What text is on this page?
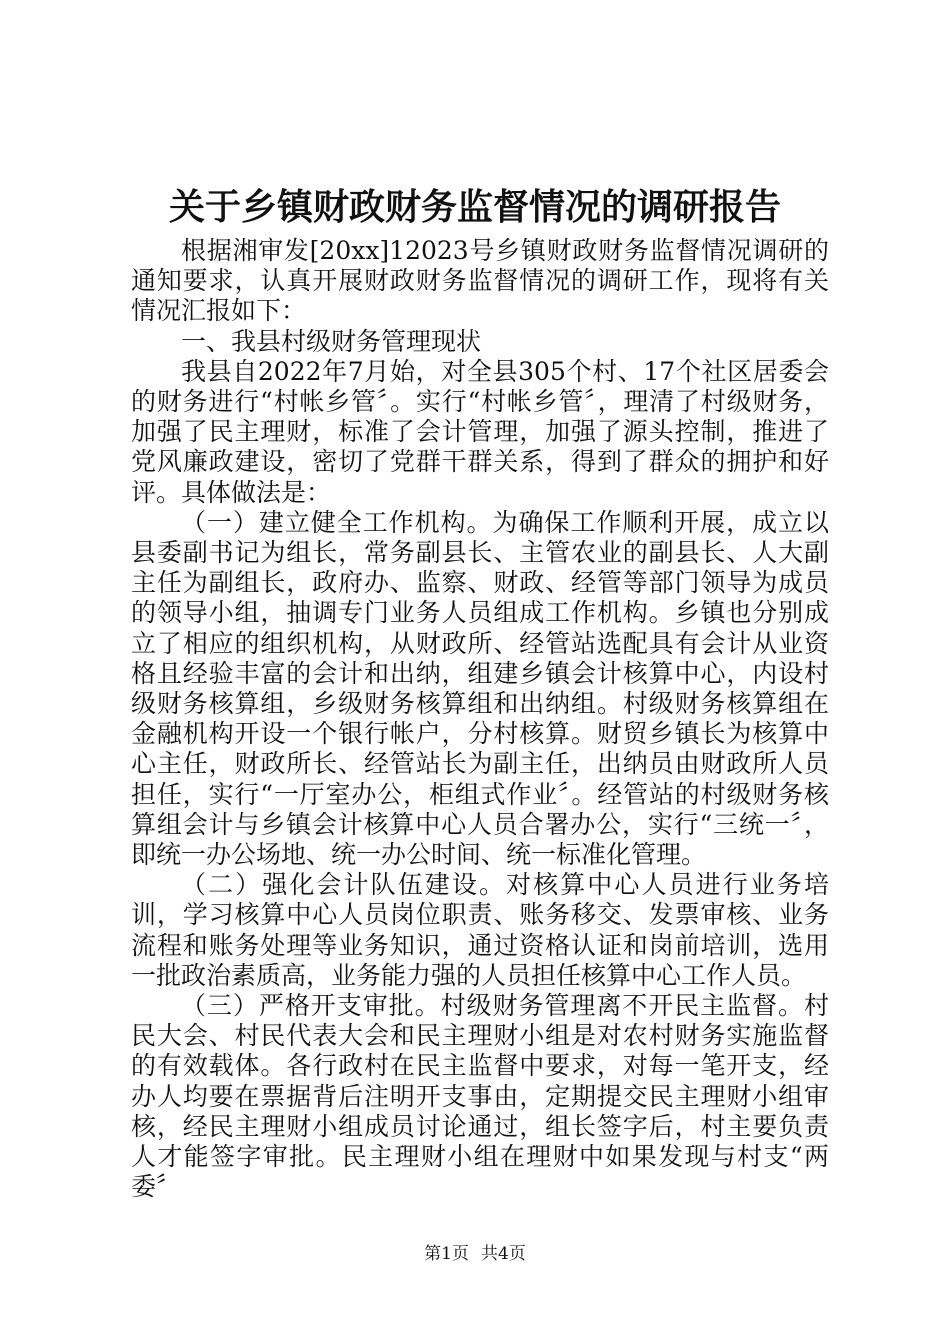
关于乡镇财政财务监督情况的调研报告

根据湘审发[20xx]12023号乡镇财政财务监督情况调研的通知要求，认真开展财政财务监督情况的调研工作，现将有关情况汇报如下：

一、我县村级财务管理现状

我县自2022年7月始，对全县305个村、17个社区居委会的财务进行“村帐乡管〞。实行“村帐乡管〞，理清了村级财务，加强了民主理财，标准了会计管理，加强了源头控制，推进了党风廉政建设，密切了党群干群关系，得到了群众的拥护和好评。具体做法是：

（一）建立健全工作机构。为确保工作顺利开展，成立以县委副书记为组长，常务副县长、主管农业的副县长、人大副主任为副组长，政府办、监察、财政、经管等部门领导为成员的领导小组，抽调专门业务人员组成工作机构。乡镇也分别成立了相应的组织机构，从财政所、经管站选配具有会计从业资格且经验丰富的会计和出纳，组建乡镇会计核算中心，内设村级财务核算组，乡级财务核算组和出纳组。村级财务核算组在金融机构开设一个银行帐户，分村核算。财贸乡镇长为核算中心主任，财政所长、经管站长为副主任，出纳员由财政所人员担任，实行“一厅室办公，柜组式作业〞。经管站的村级财务核算组会计与乡镇会计核算中心人员合署办公，实行“三统一〞，即统一办公场地、统一办公时间、统一标准化管理。

（二）强化会计队伍建设。对核算中心人员进行业务培训，学习核算中心人员岗位职责、账务移交、发票审核、业务流程和账务处理等业务知识，通过资格认证和岗前培训，选用一批政治素质高，业务能力强的人员担任核算中心工作人员。

（三）严格开支审批。村级财务管理离不开民主监督。村民大会、村民代表大会和民主理财小组是对农村财务实施监督的有效载体。各行政村在民主监督中要求，对每一笔开支，经办人均要在票据背后注明开支事由，定期提交民主理财小组审核，经民主理财小组成员讨论通过，组长签字后，村主要负责人才能签字审批。民主理财小组在理财中如果发现与村支“两委〞

第1页 共4页
